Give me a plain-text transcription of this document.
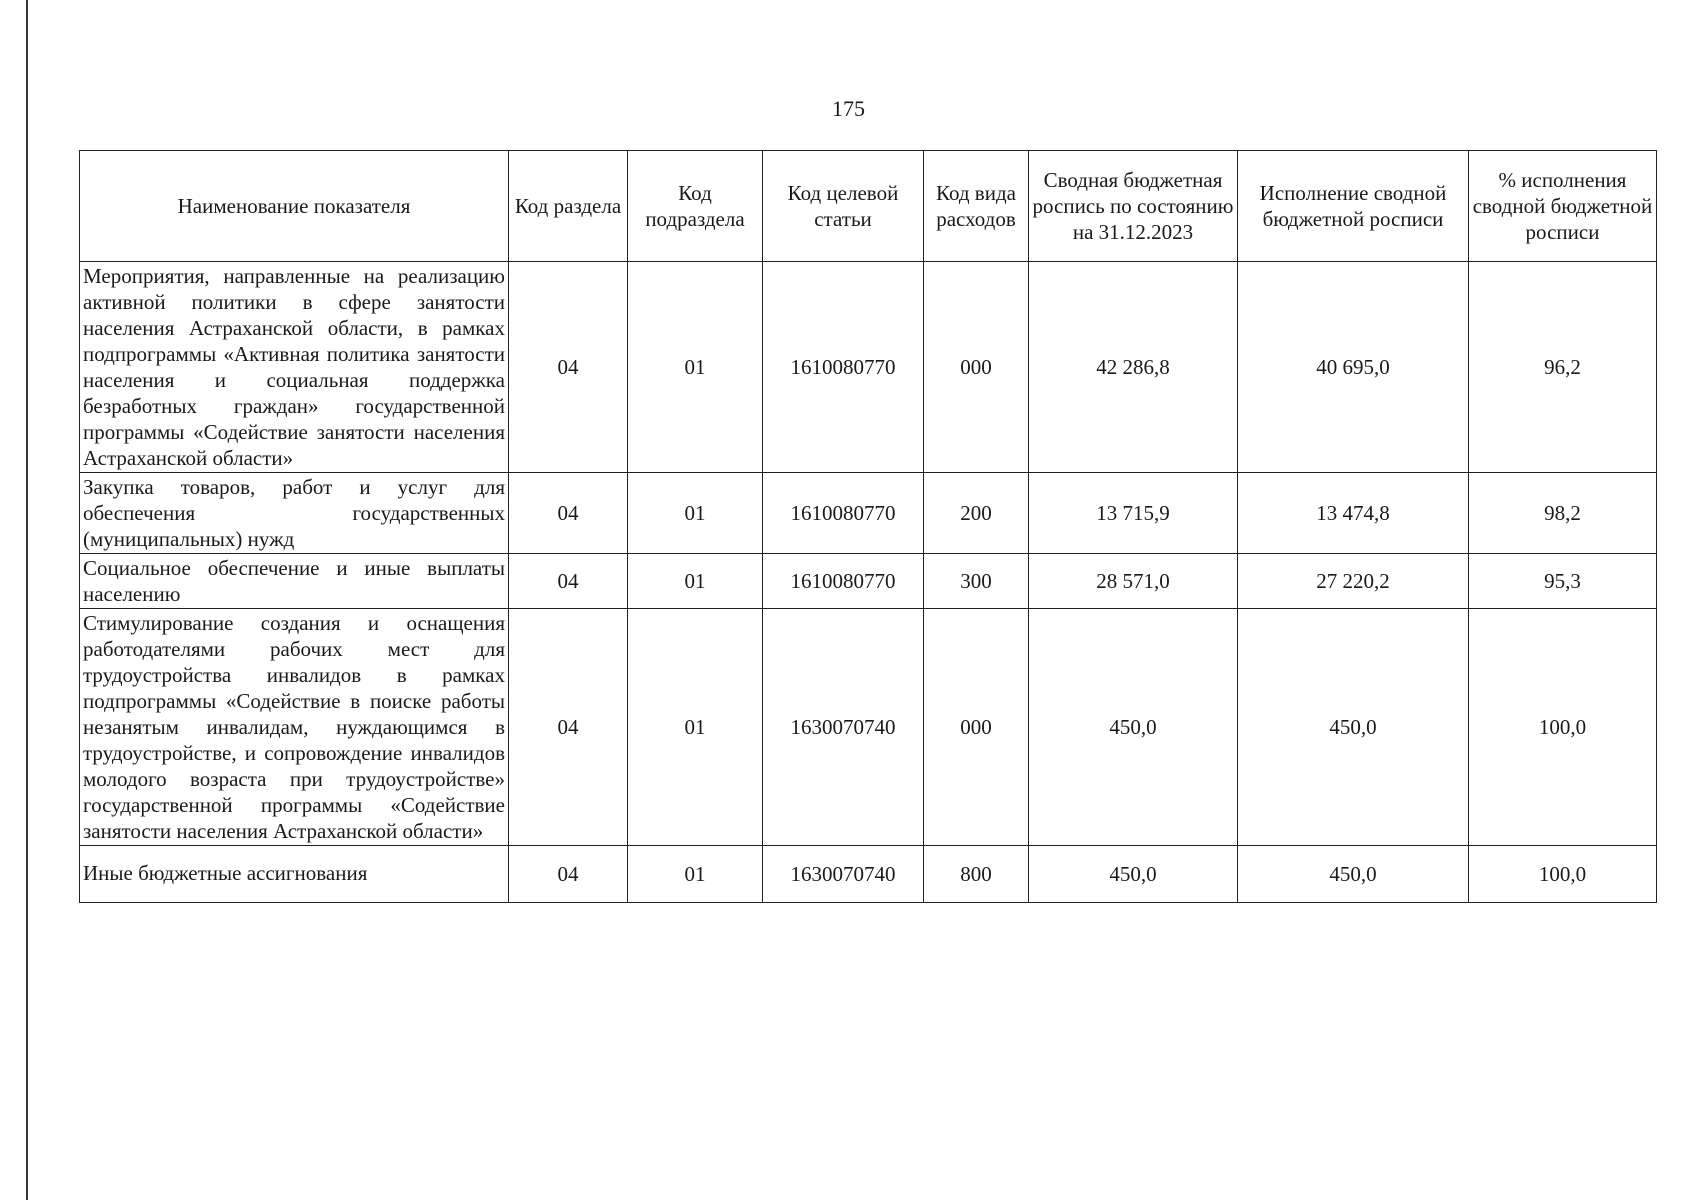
175
Наименование показателя	Код раздела	Код подраздела	Код целевой статьи	Код вида расходов	Сводная бюджетная роспись по состоянию на 31.12.2023	Исполнение сводной бюджетной росписи	% исполнения сводной бюджетной росписи
Мероприятия, направленные на реализацию активной политики в сфере занятости населения Астраханской области, в рамках подпрограммы «Активная политика занятости населения и социальная поддержка безработных граждан» государственной программы «Содействие занятости населения Астраханской области»	04	01	1610080770	000	42 286,8	40 695,0	96,2
Закупка товаров, работ и услуг для обеспечения государственных (муниципальных) нужд	04	01	1610080770	200	13 715,9	13 474,8	98,2
Социальное обеспечение и иные выплаты населению	04	01	1610080770	300	28 571,0	27 220,2	95,3
Стимулирование создания и оснащения работодателями рабочих мест для трудоустройства инвалидов в рамках подпрограммы «Содействие в поиске работы незанятым инвалидам, нуждающимся в трудоустройстве, и сопровождение инвалидов молодого возраста при трудоустройстве» государственной программы «Содействие занятости населения Астраханской области»	04	01	1630070740	000	450,0	450,0	100,0
Иные бюджетные ассигнования	04	01	1630070740	800	450,0	450,0	100,0
